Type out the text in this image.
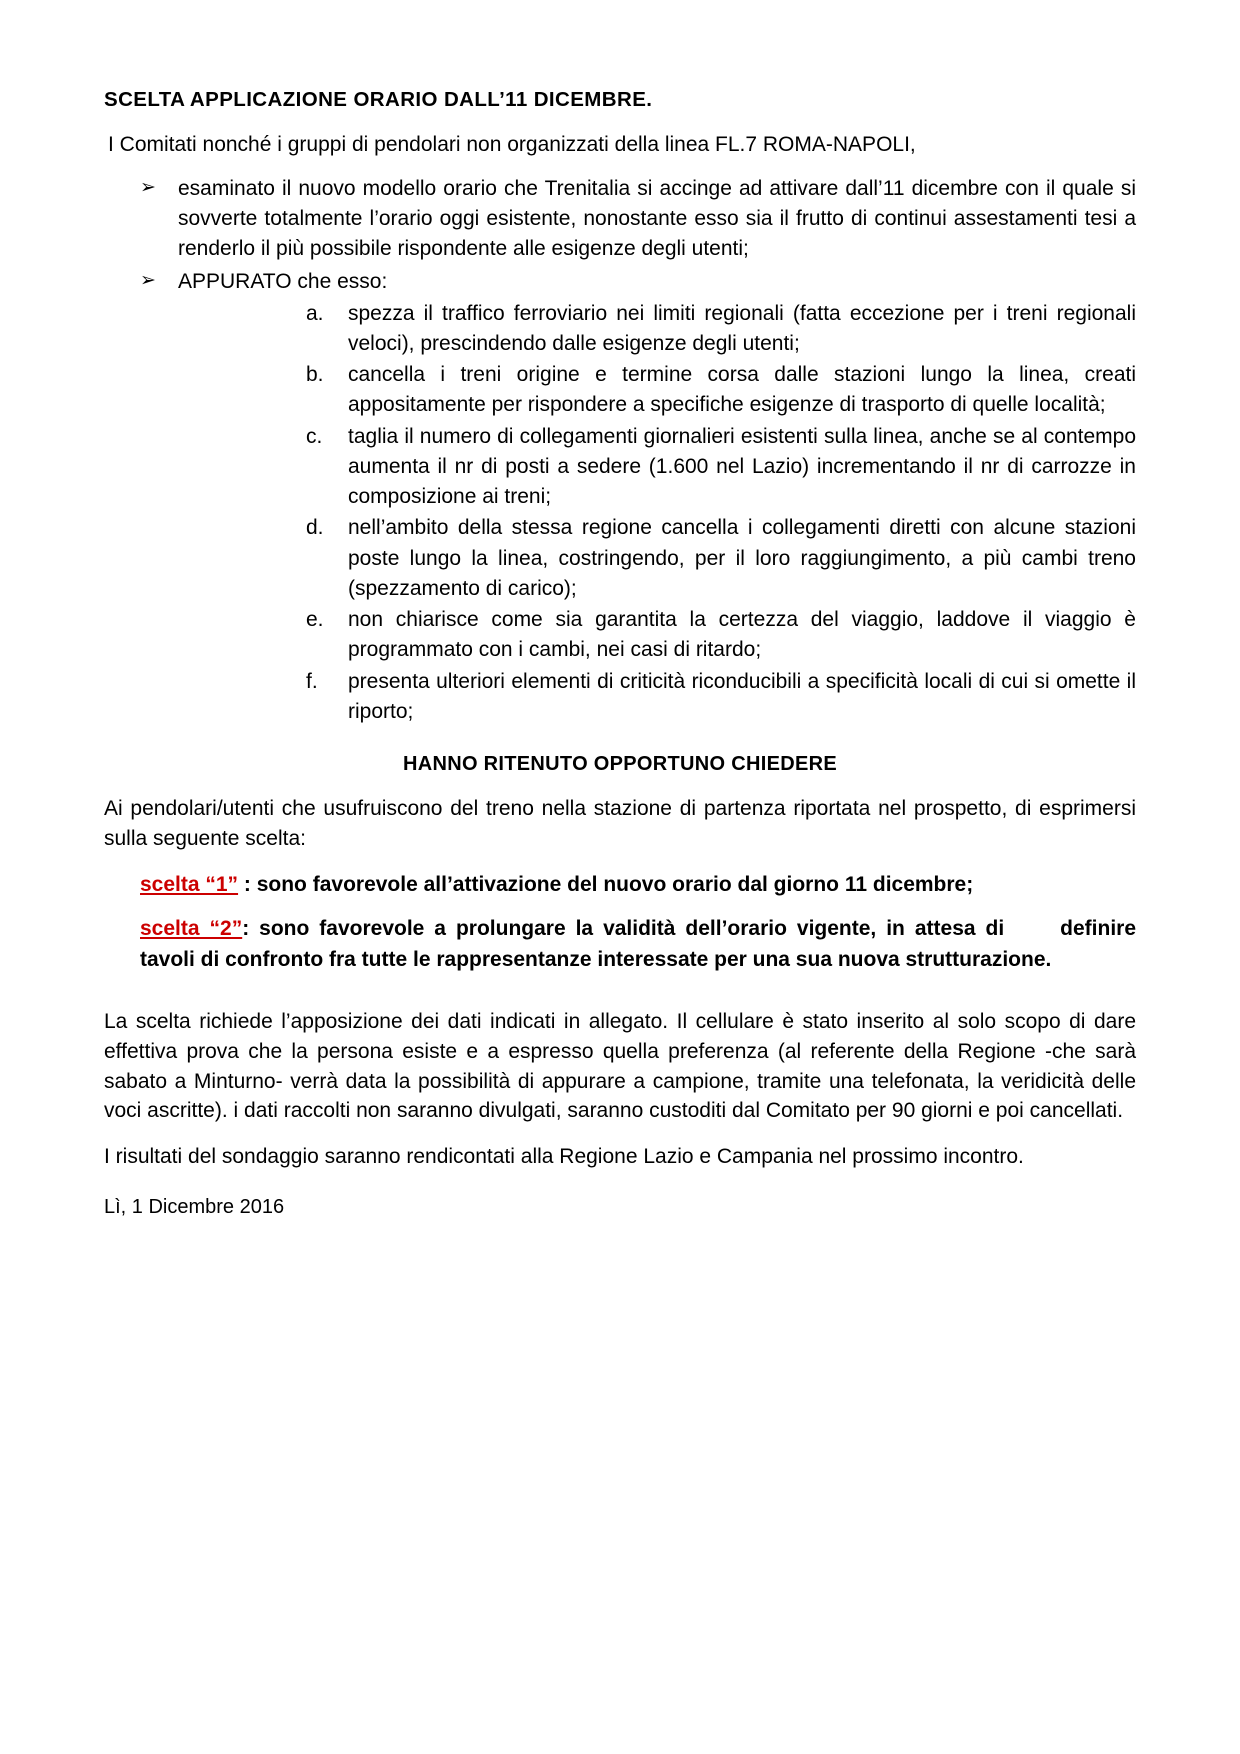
SCELTA APPLICAZIONE ORARIO DALL’11 DICEMBRE.

I Comitati nonché i gruppi di pendolari non organizzati della linea FL.7 ROMA-NAPOLI,

➢ esaminato il nuovo modello orario che Trenitalia si accinge ad attivare dall’11 dicembre con il quale si sovverte totalmente l’orario oggi esistente, nonostante esso sia il frutto di continui assestamenti tesi a renderlo il più possibile rispondente alle esigenze degli utenti;
➢ APPURATO che esso:
a.	spezza il traffico ferroviario nei limiti regionali (fatta eccezione per i treni regionali veloci), prescindendo dalle esigenze degli utenti;
b.	cancella i treni origine e termine corsa dalle stazioni lungo la linea, creati appositamente per rispondere a specifiche esigenze di trasporto di quelle località;
c.	taglia il numero di collegamenti giornalieri esistenti sulla linea, anche se al contempo aumenta il nr di posti a sedere (1.600 nel Lazio) incrementando il nr di carrozze in composizione ai treni;
d.	nell’ambito della stessa regione cancella i collegamenti diretti con alcune stazioni poste lungo la linea, costringendo, per il loro raggiungimento, a più cambi treno (spezzamento di carico);
e.	non chiarisce come sia garantita la certezza del viaggio, laddove il viaggio è programmato con i cambi, nei casi di ritardo;
f.	presenta ulteriori elementi di criticità riconducibili a specificità locali di cui si omette il riporto;

HANNO RITENUTO OPPORTUNO CHIEDERE

Ai pendolari/utenti che usufruiscono del treno nella stazione di partenza riportata nel prospetto, di esprimersi sulla seguente scelta:

scelta “1” : sono favorevole all’attivazione del nuovo orario dal giorno 11 dicembre;

scelta “2”: sono favorevole a prolungare la validità dell’orario vigente, in attesa di definire tavoli di confronto fra tutte le rappresentanze interessate per una sua nuova strutturazione.

La scelta richiede l’apposizione dei dati indicati in allegato. Il cellulare è stato inserito al solo scopo di dare effettiva prova che la persona esiste e a espresso quella preferenza (al referente della Regione -che sarà sabato a Minturno- verrà data la possibilità di appurare a campione, tramite una telefonata, la veridicità delle voci ascritte). i dati raccolti non saranno divulgati, saranno custoditi dal Comitato per 90 giorni e poi cancellati.

I risultati del sondaggio saranno rendicontati alla Regione Lazio e Campania nel prossimo incontro.

Lì, 1 Dicembre 2016
